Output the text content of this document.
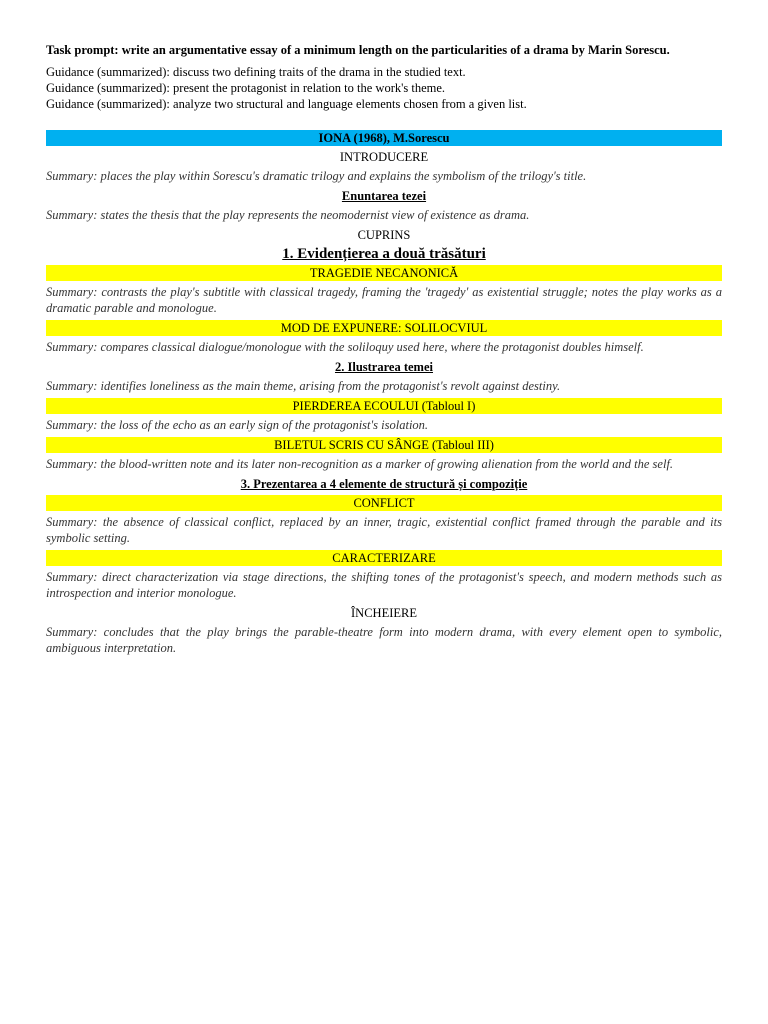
Task prompt: write an argumentative essay of a minimum length on the particularities of a drama by Marin Sorescu.
Guidance (summarized): discuss two defining traits of the drama in the studied text.
Guidance (summarized): present the protagonist in relation to the work's theme.
Guidance (summarized): analyze two structural and language elements chosen from a given list.
IONA (1968), M.Sorescu
INTRODUCERE
Summary: places the play within Sorescu's dramatic trilogy and explains the symbolism of the trilogy's title.
Enuntarea tezei
Summary: states the thesis that the play represents the neomodernist view of existence as drama.
CUPRINS
1. Evidențierea a două trăsături
TRAGEDIE NECANONICĂ
Summary: contrasts the play's subtitle with classical tragedy, framing the 'tragedy' as existential struggle; notes the play works as a dramatic parable and monologue.
MOD DE EXPUNERE: SOLILOCVIUL
Summary: compares classical dialogue/monologue with the soliloquy used here, where the protagonist doubles himself.
2. Ilustrarea temei
Summary: identifies loneliness as the main theme, arising from the protagonist's revolt against destiny.
PIERDEREA ECOULUI (Tabloul I)
Summary: the loss of the echo as an early sign of the protagonist's isolation.
BILETUL SCRIS CU SÂNGE (Tabloul III)
Summary: the blood-written note and its later non-recognition as a marker of growing alienation from the world and the self.
3. Prezentarea a 4 elemente de structură și compoziție
CONFLICT
Summary: the absence of classical conflict, replaced by an inner, tragic, existential conflict framed through the parable and its symbolic setting.
CARACTERIZARE
Summary: direct characterization via stage directions, the shifting tones of the protagonist's speech, and modern methods such as introspection and interior monologue.
ÎNCHEIERE
Summary: concludes that the play brings the parable-theatre form into modern drama, with every element open to symbolic, ambiguous interpretation.
